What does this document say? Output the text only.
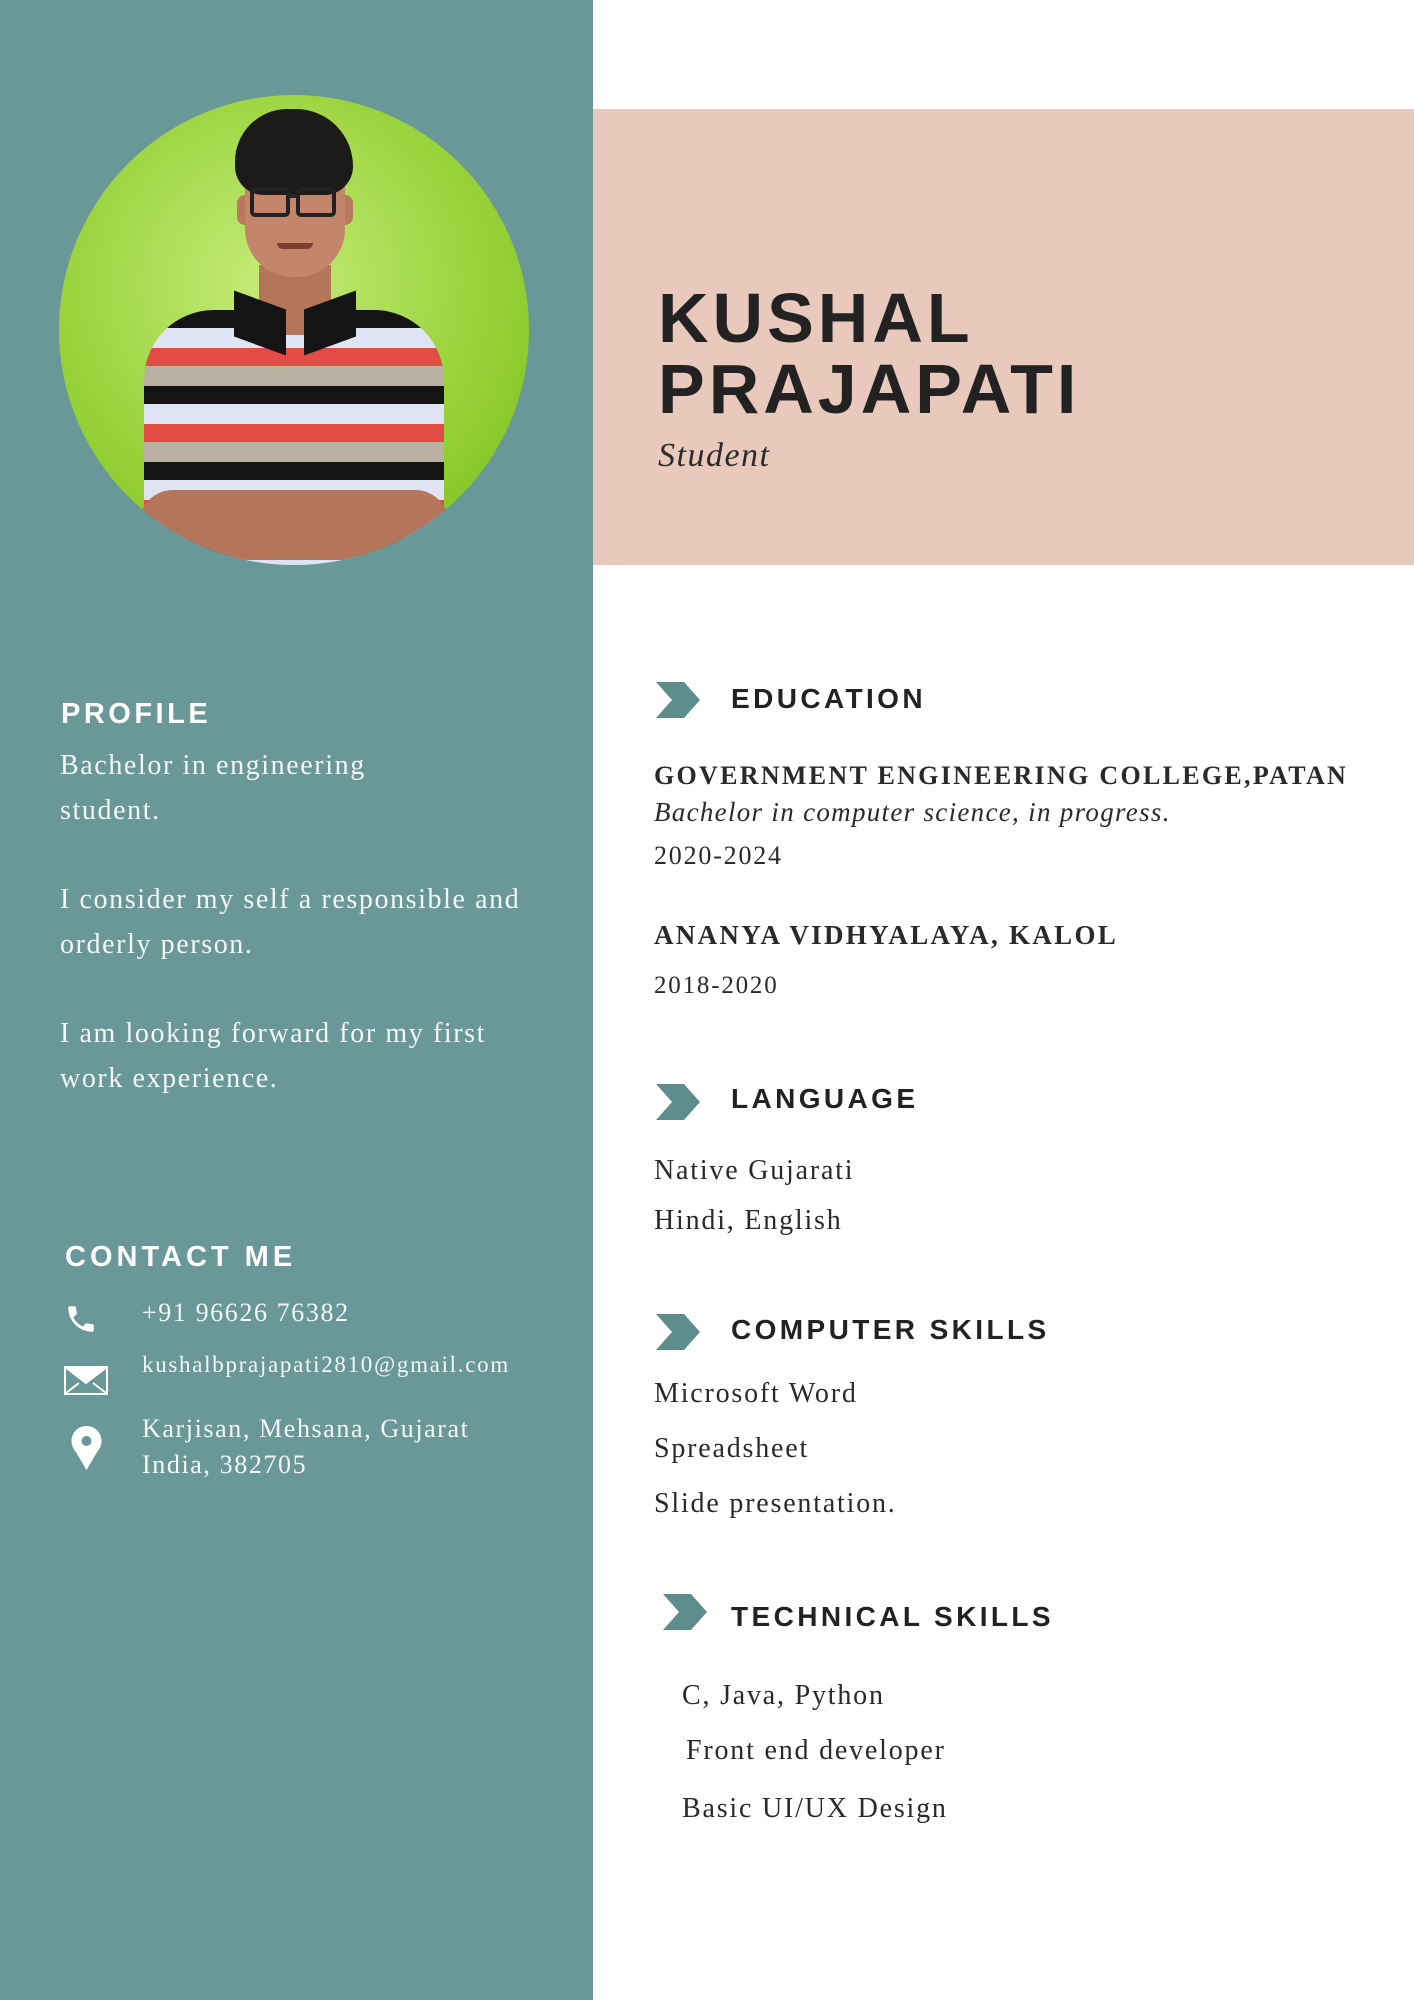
PROFILE

Bachelor in engineering student.

I consider my self a responsible and orderly person.

I am looking forward for my first work experience.

CONTACT ME
+91 96626 76382
kushalbprajapati2810@gmail.com
Karjisan, Mehsana, Gujarat
India, 382705
KUSHAL
PRAJAPATI
Student
EDUCATION
GOVERNMENT ENGINEERING COLLEGE,PATAN
Bachelor in computer science, in progress.
2020-2024
ANANYA VIDHYALAYA, KALOL
2018-2020
LANGUAGE
Native Gujarati
Hindi, English
COMPUTER SKILLS
Microsoft Word
Spreadsheet
Slide presentation.
TECHNICAL SKILLS
C, Java, Python
Front end developer
Basic UI/UX Design
